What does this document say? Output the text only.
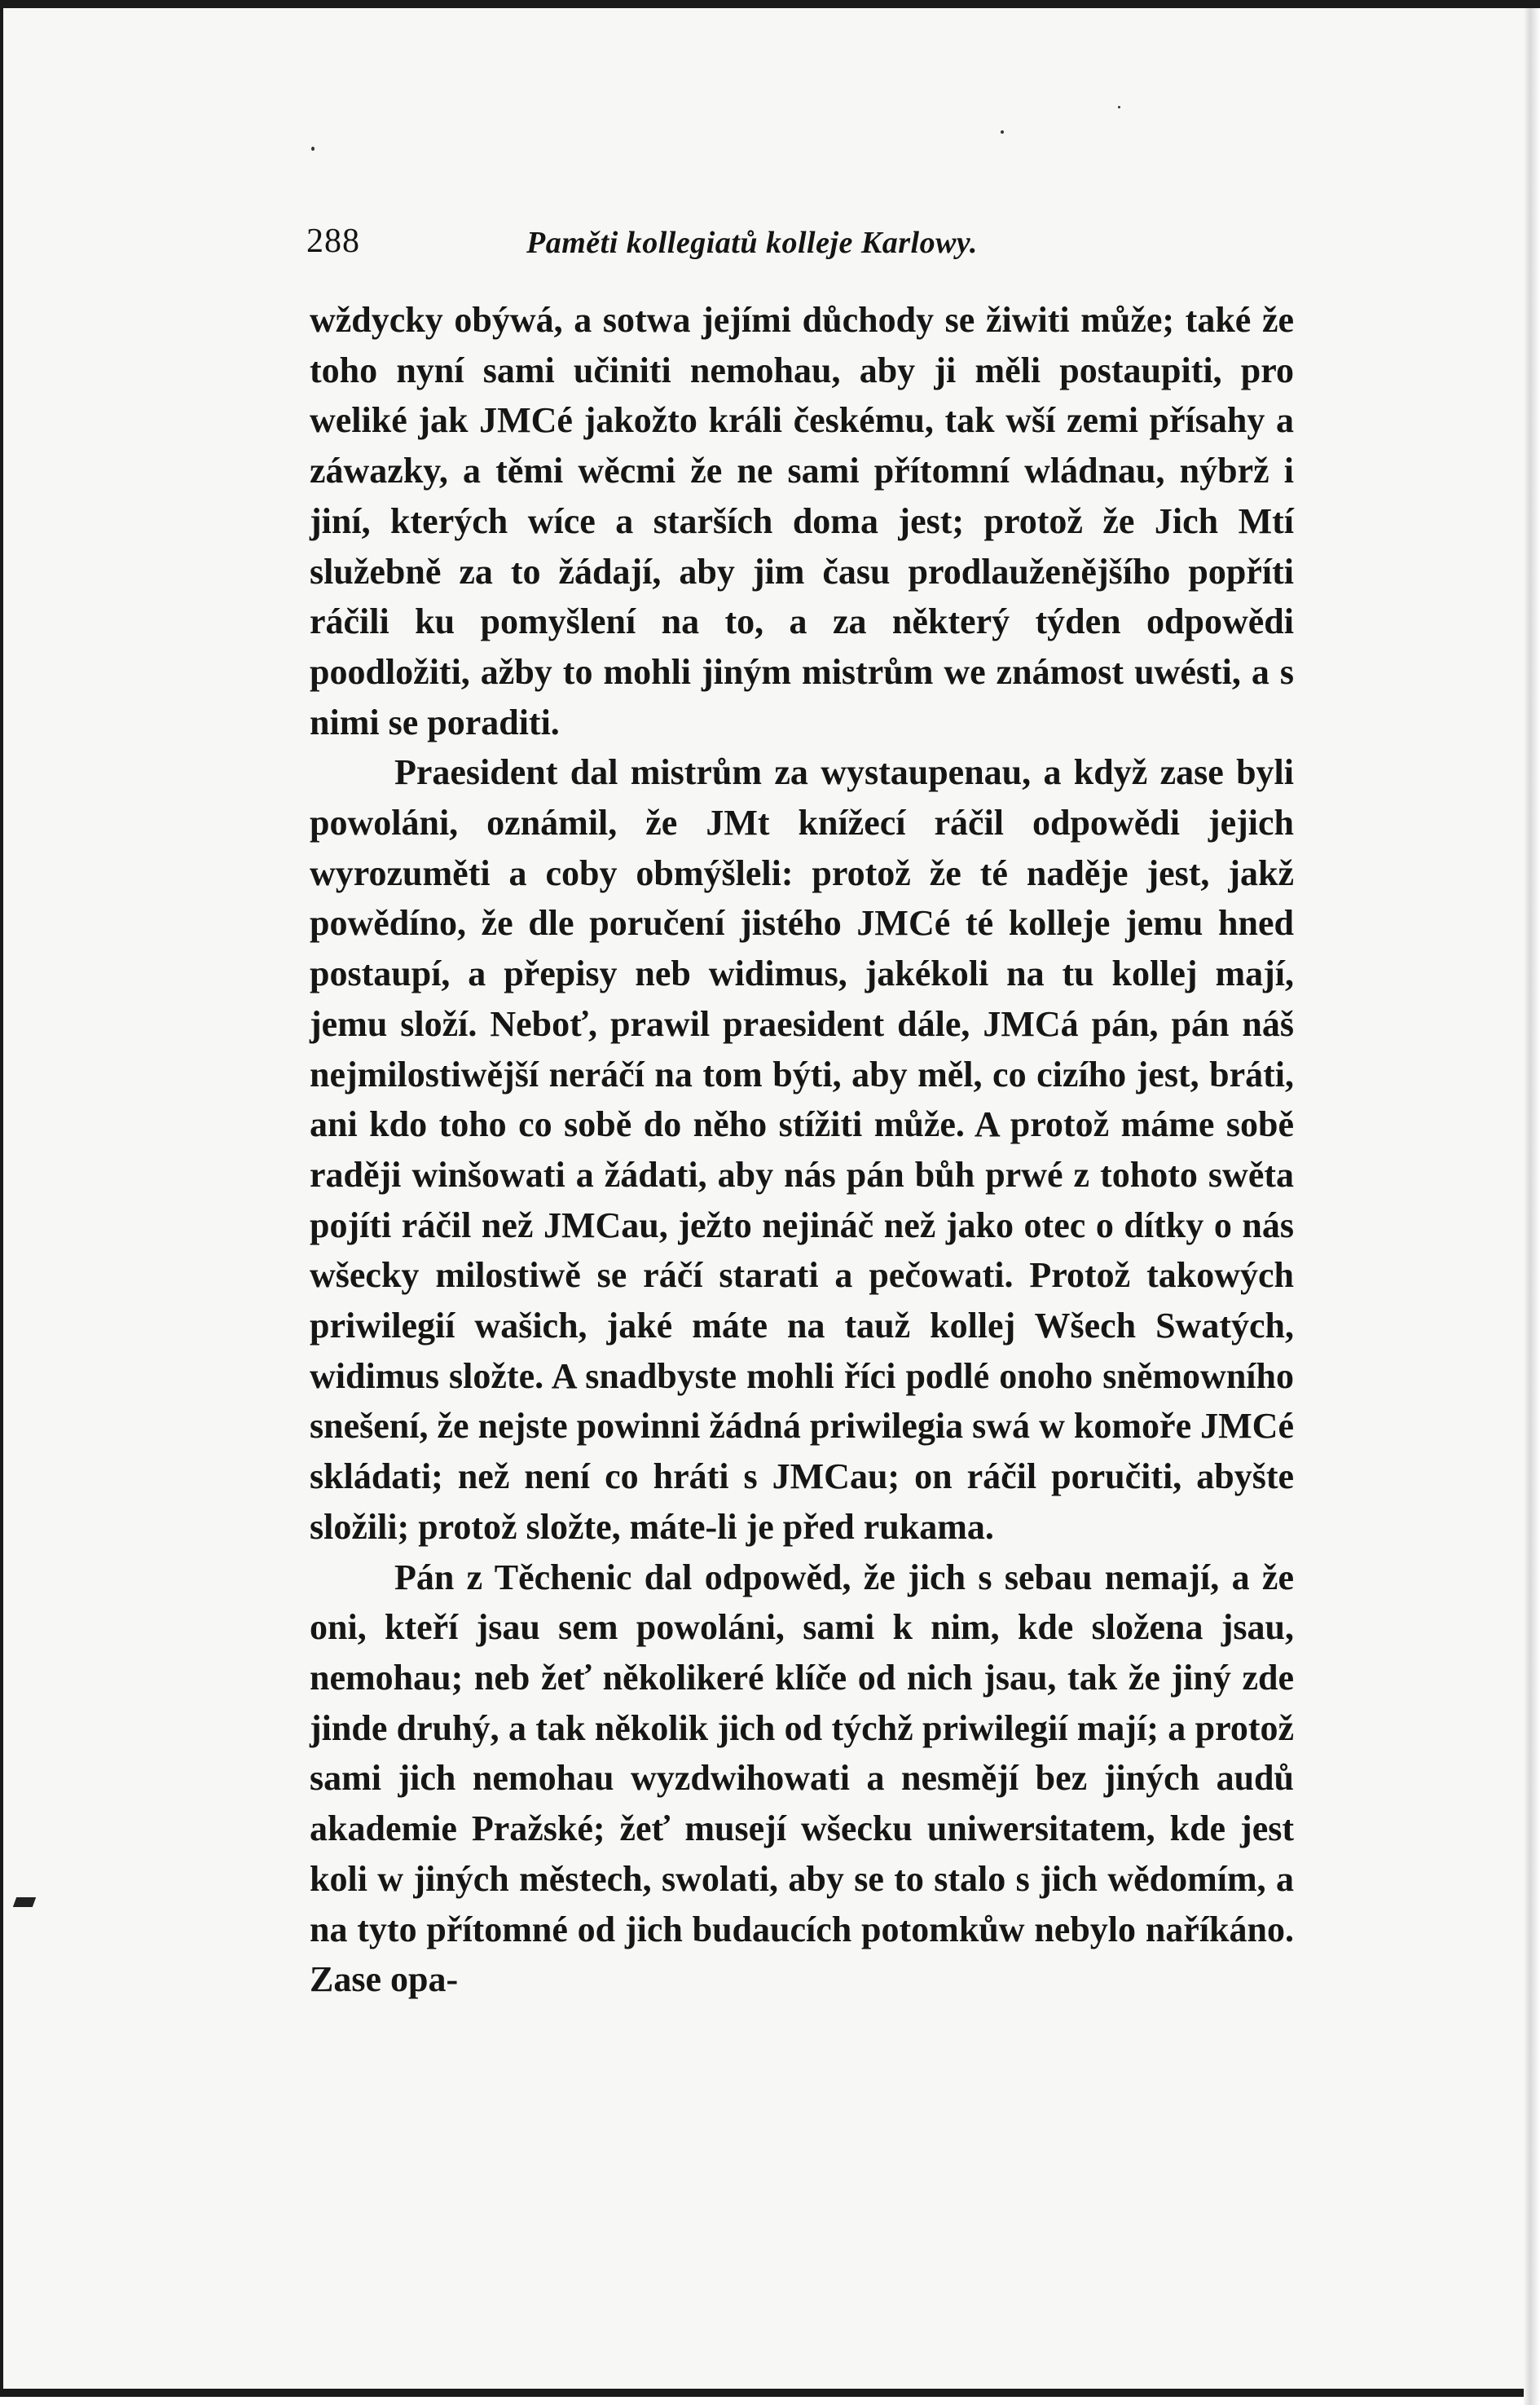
288	Paměti kollegiatů kolleje Karlowy.

wždycky obýwá, a sotwa jejími důchody se žiwiti může; také že toho nyní sami učiniti nemohau, aby ji měli postaupiti, pro weliké jak JMCé jakožto králi českému, tak wší zemi přísahy a záwazky, a těmi wěcmi že ne sami přítomní wládnau, nýbrž i jiní, kterých wíce a starších doma jest; protož že Jich Mtí služebně za to žádají, aby jim času prodlauženějšího popříti ráčili ku pomyšlení na to, a za některý týden odpowědi poodložiti, ažby to mohli jiným mistrům we známost uwésti, a s nimi se poraditi.

Praesident dal mistrům za wystaupenau, a když zase byli powoláni, oznámil, že JMt knížecí ráčil odpowědi jejich wyrozuměti a coby obmýšleli: protož že té naděje jest, jakž powědíno, že dle poručení jistého JMCé té kolleje jemu hned postaupí, a přepisy neb widimus, jakékoli na tu kollej mají, jemu složí. Neboť, prawil praesident dále, JMCá pán, pán náš nejmilostiwější neráčí na tom býti, aby měl, co cizího jest, bráti, ani kdo toho co sobě do něho stížiti může. A protož máme sobě raději winšowati a žádati, aby nás pán bůh prwé z tohoto swěta pojíti ráčil než JMCau, ježto nejináč než jako otec o dítky o nás wšecky milostiwě se ráčí starati a pečowati. Protož takowých priwilegií wašich, jaké máte na tauž kollej Wšech Swatých, widimus složte. A snadbyste mohli říci podlé onoho sněmowního snešení, že nejste powinni žádná priwilegia swá w komoře JMCé skládati; než není co hráti s JMCau; on ráčil poručiti, abyšte složili; protož složte, máte-li je před rukama.

Pán z Těchenic dal odpowěd, že jich s sebau nemají, a že oni, kteří jsau sem powoláni, sami k nim, kde složena jsau, nemohau; neb žeť několikeré klíče od nich jsau, tak že jiný zde jinde druhý, a tak několik jich od týchž priwilegií mají; a protož sami jich nemohau wyzdwihowati a nesmějí bez jiných audů akademie Pražské; žeť musejí wšecku uniwersitatem, kde jest koli w jiných městech, swolati, aby se to stalo s jich wědomím, a na tyto přítomné od jich budaucích potomkůw nebylo naříkáno. Zase opa-
